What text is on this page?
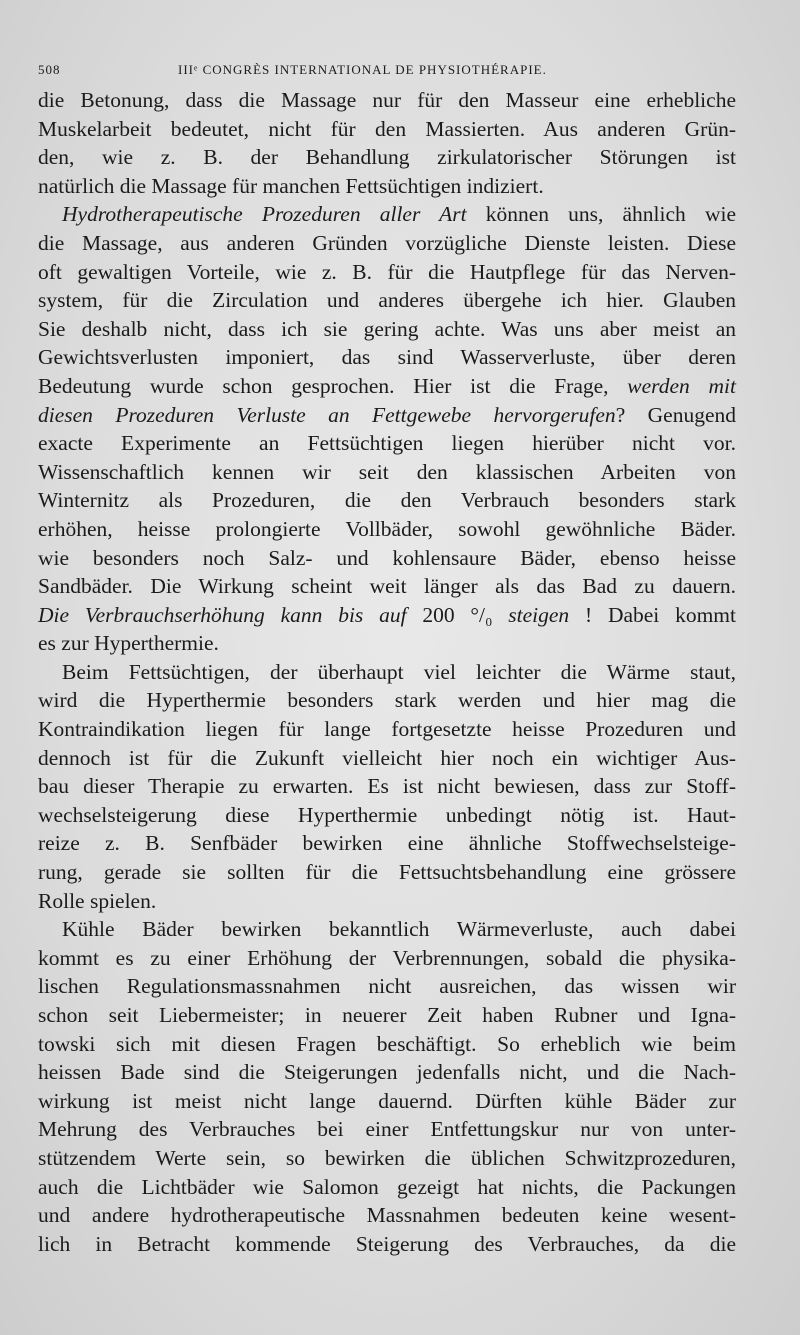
508	IIIᵉ CONGRÈS INTERNATIONAL DE PHYSIOTHÉRAPIE.
die Betonung, dass die Massage nur für den Masseur eine erhebliche
Muskelarbeit bedeutet, nicht für den Massierten. Aus anderen Grün-
den, wie z. B. der Behandlung zirkulatorischer Störungen ist
natürlich die Massage für manchen Fettsüchtigen indiziert.
Hydrotherapeutische Prozeduren aller Art können uns, ähnlich wie
die Massage, aus anderen Gründen vorzügliche Dienste leisten. Diese
oft gewaltigen Vorteile, wie z. B. für die Hautpflege für das Nerven-
system, für die Zirculation und anderes übergehe ich hier. Glauben
Sie deshalb nicht, dass ich sie gering achte. Was uns aber meist an
Gewichtsverlusten imponiert, das sind Wasserverluste, über deren
Bedeutung wurde schon gesprochen. Hier ist die Frage, werden mit
diesen Prozeduren Verluste an Fettgewebe hervorgerufen? Genugend
exacte Experimente an Fettsüchtigen liegen hierüber nicht vor.
Wissenschaftlich kennen wir seit den klassischen Arbeiten von
Winternitz als Prozeduren, die den Verbrauch besonders stark
erhöhen, heisse prolongierte Vollbäder, sowohl gewöhnliche Bäder.
wie besonders noch Salz- und kohlensaure Bäder, ebenso heisse
Sandbäder. Die Wirkung scheint weit länger als das Bad zu dauern.
Die Verbrauchserhöhung kann bis auf 200 °/₀ steigen ! Dabei kommt
es zur Hyperthermie.
Beim Fettsüchtigen, der überhaupt viel leichter die Wärme staut,
wird die Hyperthermie besonders stark werden und hier mag die
Kontraindikation liegen für lange fortgesetzte heisse Prozeduren und
dennoch ist für die Zukunft vielleicht hier noch ein wichtiger Aus-
bau dieser Therapie zu erwarten. Es ist nicht bewiesen, dass zur Stoff-
wechselsteigerung diese Hyperthermie unbedingt nötig ist. Haut-
reize z. B. Senfbäder bewirken eine ähnliche Stoffwechselsteige-
rung, gerade sie sollten für die Fettsuchtsbehandlung eine grössere
Rolle spielen.
Kühle Bäder bewirken bekanntlich Wärmeverluste, auch dabei
kommt es zu einer Erhöhung der Verbrennungen, sobald die physika-
lischen Regulationsmassnahmen nicht ausreichen, das wissen wir
schon seit Liebermeister; in neuerer Zeit haben Rubner und Igna-
towski sich mit diesen Fragen beschäftigt. So erheblich wie beim
heissen Bade sind die Steigerungen jedenfalls nicht, und die Nach-
wirkung ist meist nicht lange dauernd. Dürften kühle Bäder zur
Mehrung des Verbrauches bei einer Entfettungskur nur von unter-
stützendem Werte sein, so bewirken die üblichen Schwitzprozeduren,
auch die Lichtbäder wie Salomon gezeigt hat nichts, die Packungen
und andere hydrotherapeutische Massnahmen bedeuten keine wesent-
lich in Betracht kommende Steigerung des Verbrauches, da die
